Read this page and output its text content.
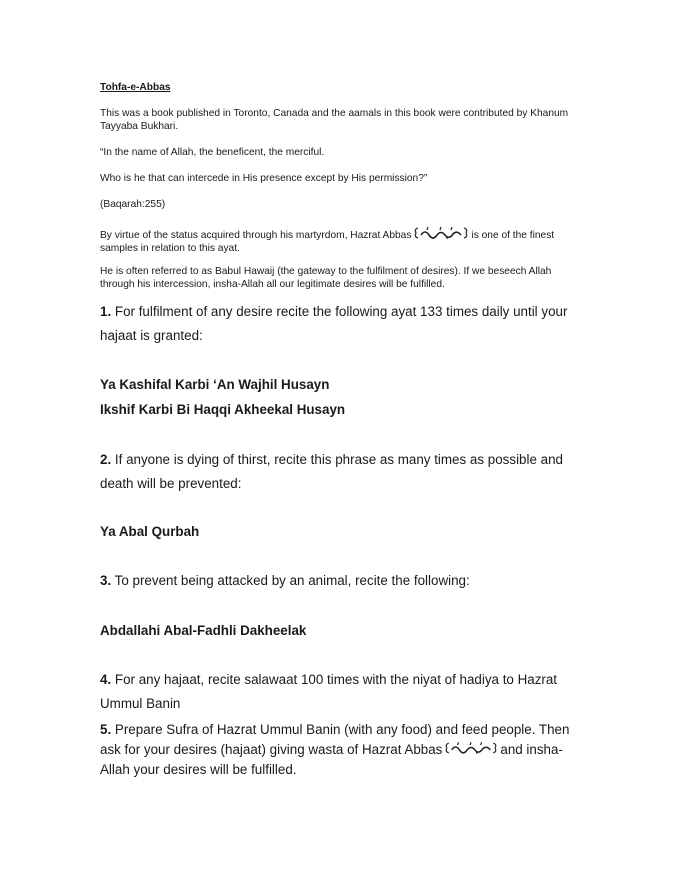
Tohfa-e-Abbas
This was a book published in Toronto, Canada and the aamals in this book were contributed by Khanum Tayyaba Bukhari.
“In the name of Allah, the beneficent, the merciful.
Who is he that can intercede in His presence except by His permission?”
(Baqarah:255)
By virtue of the status acquired through his martyrdom, Hazrat Abbas	is one of the finest samples in relation to this ayat.
He is often referred to as Babul Hawaij (the gateway to the fulfilment of desires). If we beseech Allah through his intercession, insha-Allah all our legitimate desires will be fulfilled.
1. For fulfilment of any desire recite the following ayat 133 times daily until your hajaat is granted:
Ya Kashifal Karbi ‘An Wajhil Husayn
Ikshif Karbi Bi Haqqi Akheekal Husayn
2. If anyone is dying of thirst, recite this phrase as many times as possible and death will be prevented:
Ya Abal Qurbah
3. To prevent being attacked by an animal, recite the following:
Abdallahi Abal-Fadhli Dakheelak
4. For any hajaat, recite salawaat 100 times with the niyat of hadiya to Hazrat Ummul Banin
5. Prepare Sufra of Hazrat Ummul Banin (with any food) and feed people. Then ask for your desires (hajaat) giving wasta of Hazrat Abbas	and insha-Allah your desires will be fulfilled.
